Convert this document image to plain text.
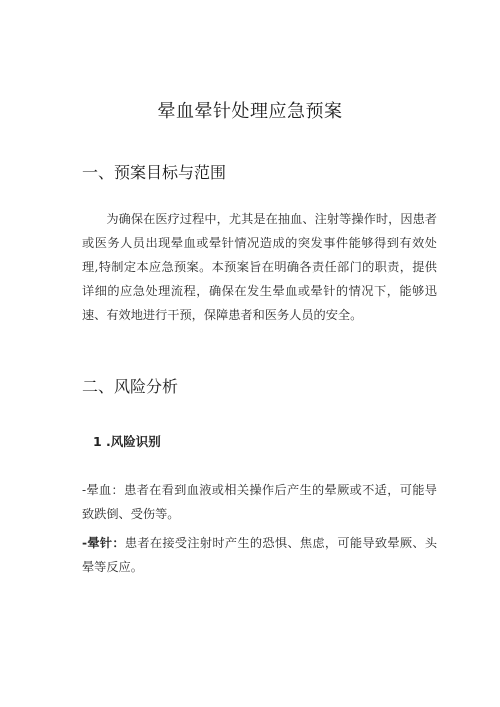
晕血晕针处理应急预案
一、预案目标与范围
为确保在医疗过程中，尤其是在抽血、注射等操作时，因患者或医务人员出现晕血或晕针情况造成的突发事件能够得到有效处理,特制定本应急预案。本预案旨在明确各责任部门的职责，提供详细的应急处理流程，确保在发生晕血或晕针的情况下，能够迅速、有效地进行干预，保障患者和医务人员的安全。
二、风险分析
1 .风险识别
-晕血：患者在看到血液或相关操作后产生的晕厥或不适，可能导致跌倒、受伤等。
-晕针：患者在接受注射时产生的恐惧、焦虑，可能导致晕厥、头晕等反应。
